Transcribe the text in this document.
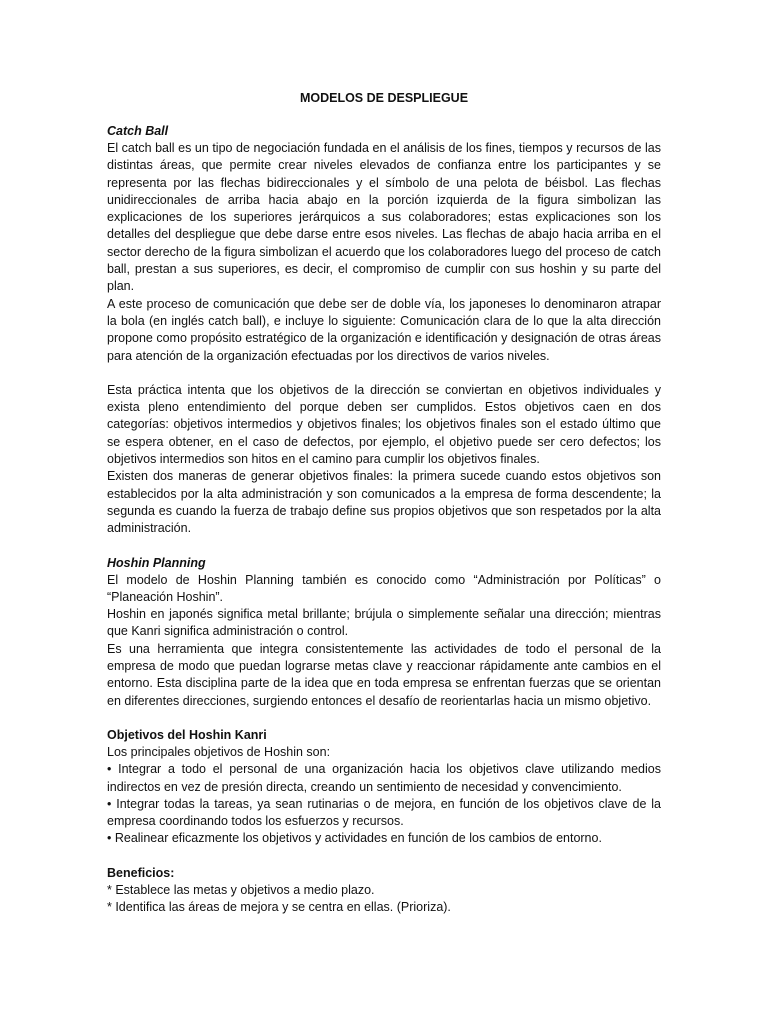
MODELOS DE DESPLIEGUE
Catch Ball

El catch ball es un tipo de negociación fundada en el análisis de los fines, tiempos y recursos de las distintas áreas, que permite crear niveles elevados de confianza entre los participantes y se representa por las flechas bidireccionales y el símbolo de una pelota de béisbol. Las flechas unidireccionales de arriba hacia abajo en la porción izquierda de la figura simbolizan las explicaciones de los superiores jerárquicos a sus colaboradores; estas explicaciones son los detalles del despliegue que debe darse entre esos niveles. Las flechas de abajo hacia arriba en el sector derecho de la figura simbolizan el acuerdo que los colaboradores luego del proceso de catch ball, prestan a sus superiores, es decir, el compromiso de cumplir con sus hoshin y su parte del plan.

A este proceso de comunicación que debe ser de doble vía, los japoneses lo denominaron atrapar la bola (en inglés catch ball), e incluye lo siguiente: Comunicación clara de lo que la alta dirección propone como propósito estratégico de la organización e identificación y designación de otras áreas para atención de la organización efectuadas por los directivos de varios niveles.

Esta práctica intenta que los objetivos de la dirección se conviertan en objetivos individuales y exista pleno entendimiento del porque deben ser cumplidos. Estos objetivos caen en dos categorías: objetivos intermedios y objetivos finales; los objetivos finales son el estado último que se espera obtener, en el caso de defectos, por ejemplo, el objetivo puede ser cero defectos; los objetivos intermedios son hitos en el camino para cumplir los objetivos finales.

Existen dos maneras de generar objetivos finales: la primera sucede cuando estos objetivos son establecidos por la alta administración y son comunicados a la empresa de forma descendente; la segunda es cuando la fuerza de trabajo define sus propios objetivos que son respetados por la alta administración.

Hoshin Planning

El modelo de Hoshin Planning también es conocido como “Administración por Políticas” o “Planeación Hoshin”.

Hoshin en japonés significa metal brillante; brújula o simplemente señalar una dirección; mientras que Kanri significa administración o control.

Es una herramienta que integra consistentemente las actividades de todo el personal de la empresa de modo que puedan lograrse metas clave y reaccionar rápidamente ante cambios en el entorno. Esta disciplina parte de la idea que en toda empresa se enfrentan fuerzas que se orientan en diferentes direcciones, surgiendo entonces el desafío de reorientarlas hacia un mismo objetivo.

Objetivos del Hoshin Kanri

Los principales objetivos de Hoshin son:

• Integrar a todo el personal de una organización hacia los objetivos clave utilizando medios indirectos en vez de presión directa, creando un sentimiento de necesidad y convencimiento.

• Integrar todas la tareas, ya sean rutinarias o de mejora, en función de los objetivos clave de la empresa coordinando todos los esfuerzos y recursos.

• Realinear eficazmente los objetivos y actividades en función de los cambios de entorno.

Beneficios:
* Establece las metas y objetivos a medio plazo.
* Identifica las áreas de mejora y se centra en ellas. (Prioriza).
